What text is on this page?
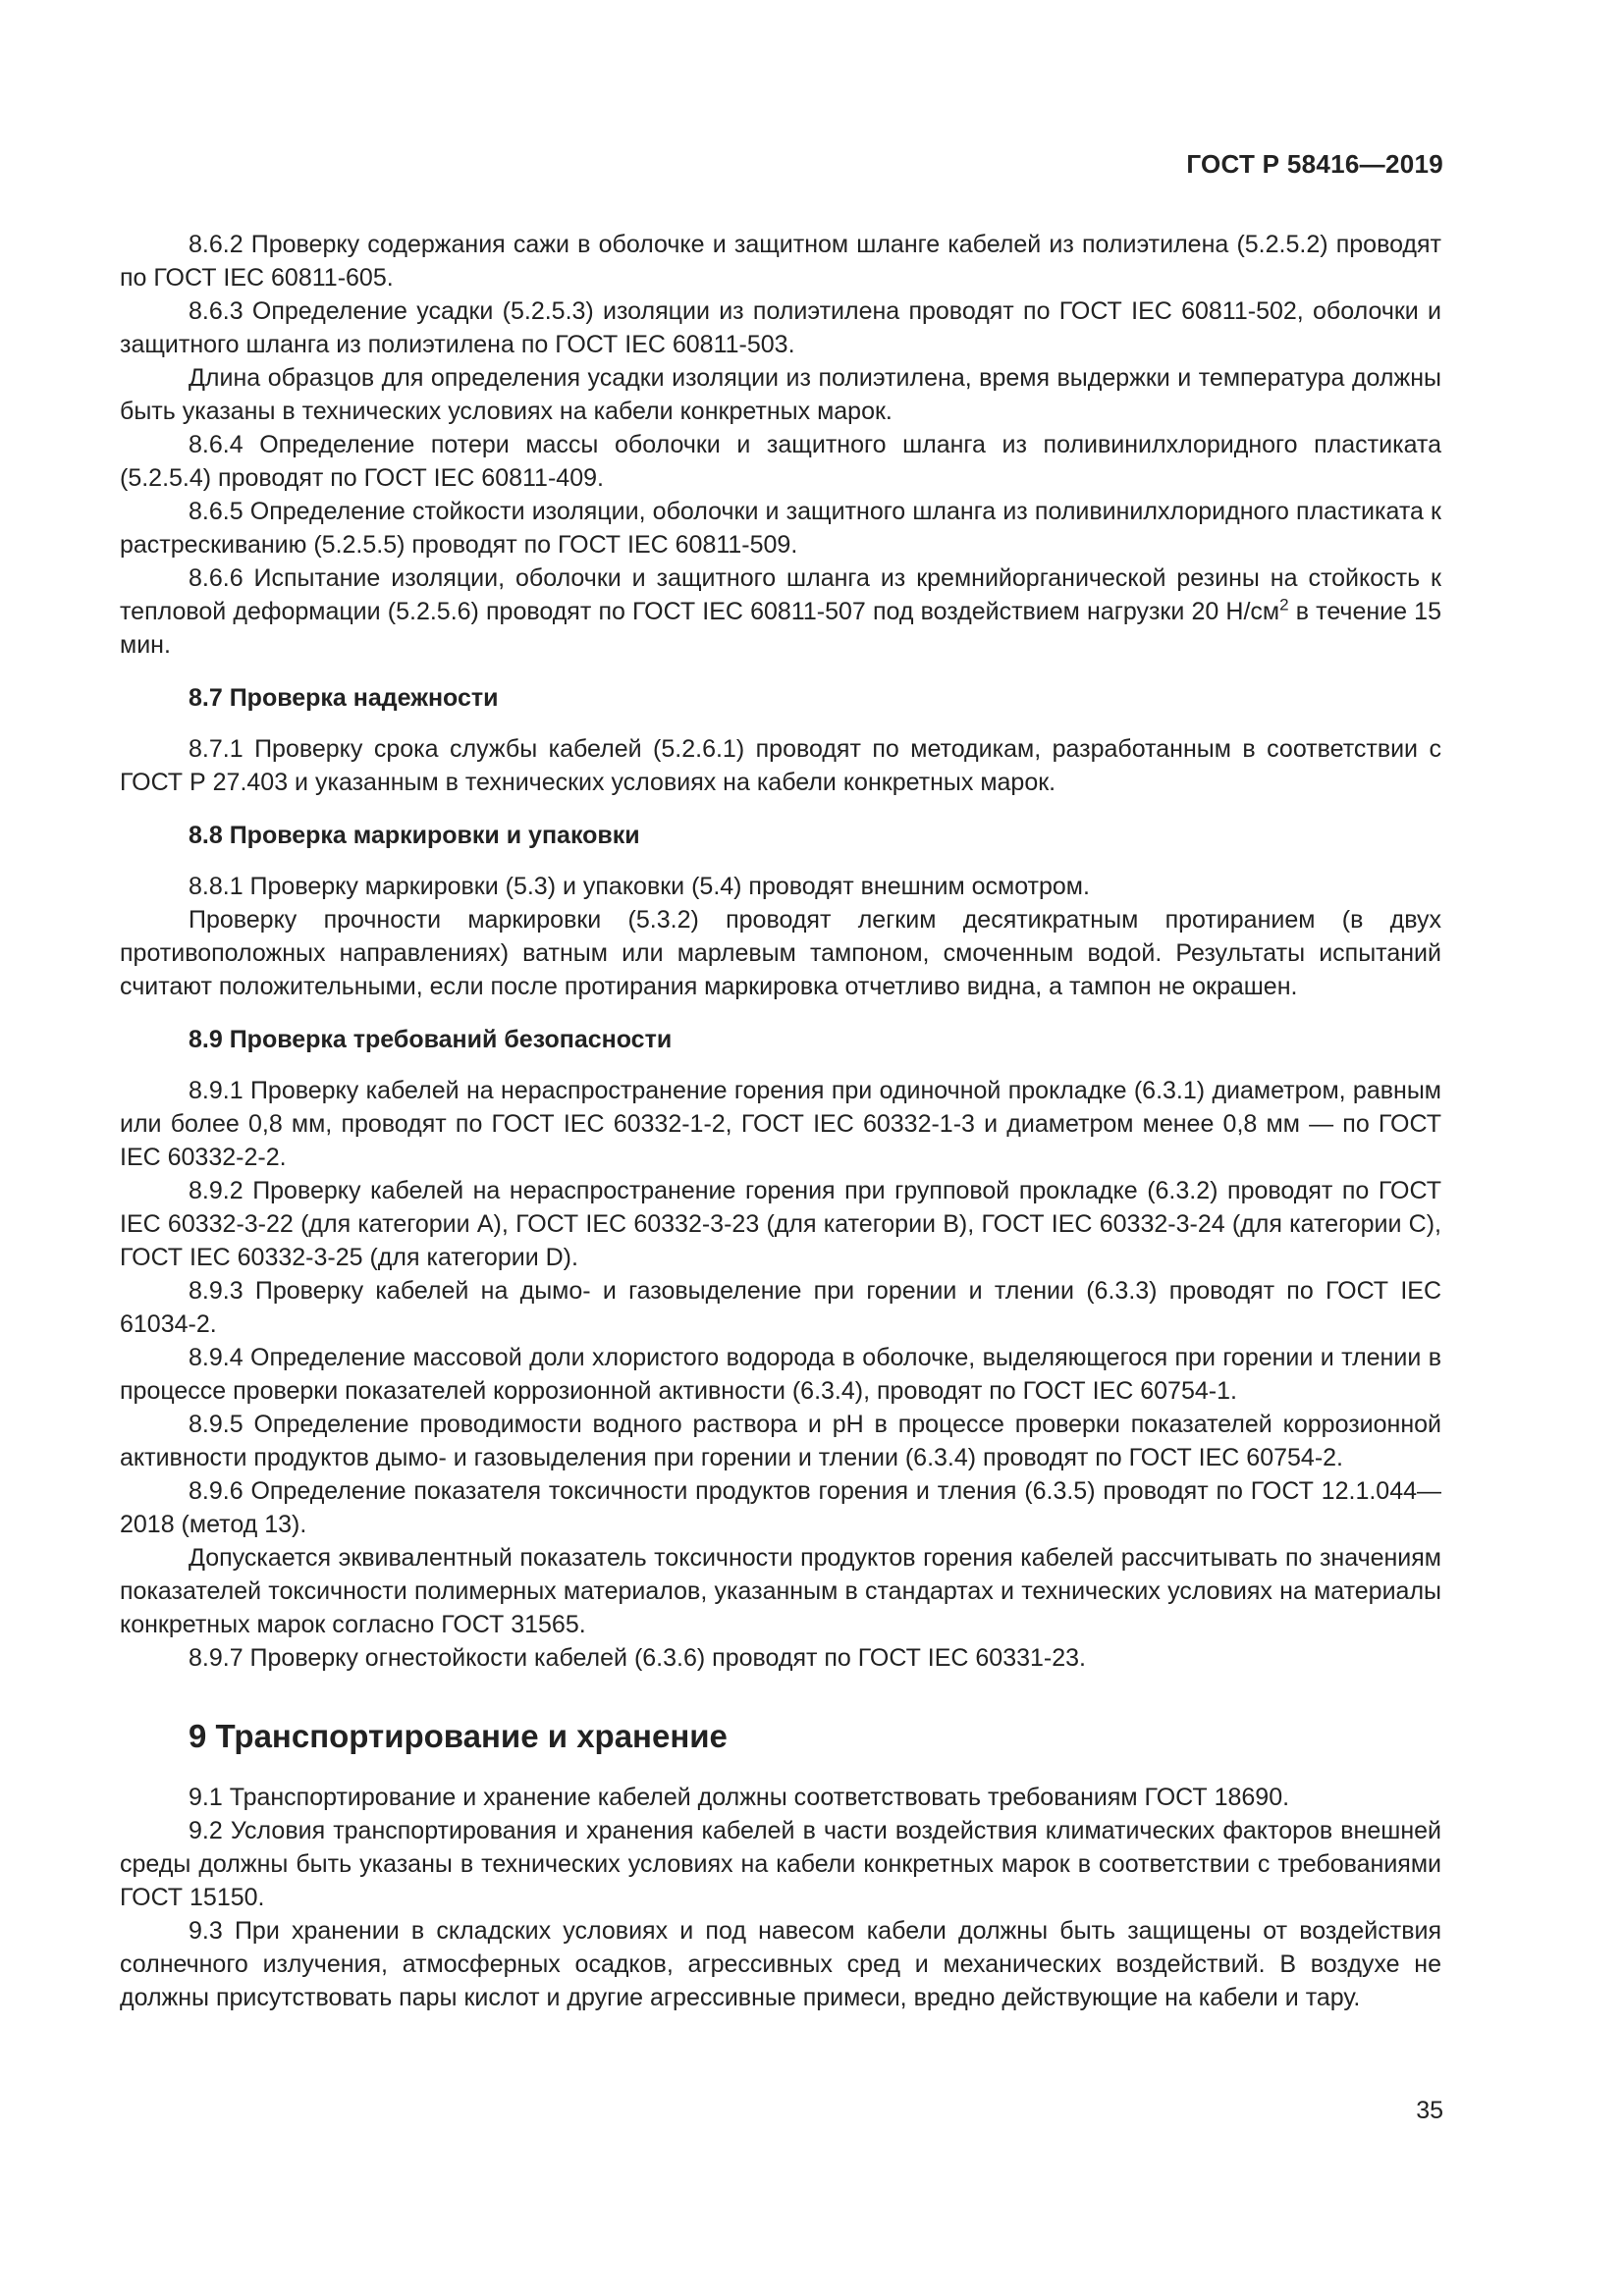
ГОСТ Р 58416—2019

8.6.2 Проверку содержания сажи в оболочке и защитном шланге кабелей из полиэтилена (5.2.5.2) проводят по ГОСТ IEC 60811-605.

8.6.3 Определение усадки (5.2.5.3) изоляции из полиэтилена проводят по ГОСТ IEC 60811-502, оболочки и защитного шланга из полиэтилена по ГОСТ IEC 60811-503.

Длина образцов для определения усадки изоляции из полиэтилена, время выдержки и температура должны быть указаны в технических условиях на кабели конкретных марок.

8.6.4 Определение потери массы оболочки и защитного шланга из поливинилхлоридного пластиката (5.2.5.4) проводят по ГОСТ IEC 60811-409.

8.6.5 Определение стойкости изоляции, оболочки и защитного шланга из поливинилхлоридного пластиката к растрескиванию (5.2.5.5) проводят по ГОСТ IEC 60811-509.

8.6.6 Испытание изоляции, оболочки и защитного шланга из кремнийорганической резины на стойкость к тепловой деформации (5.2.5.6) проводят по ГОСТ IEC 60811-507 под воздействием нагрузки 20 $Н/см^2$ в течение 15 мин.

8.7 Проверка надежности

8.7.1 Проверку срока службы кабелей (5.2.6.1) проводят по методикам, разработанным в соответствии с ГОСТ Р 27.403 и указанным в технических условиях на кабели конкретных марок.

8.8 Проверка маркировки и упаковки

8.8.1 Проверку маркировки (5.3) и упаковки (5.4) проводят внешним осмотром.

Проверку прочности маркировки (5.3.2) проводят легким десятикратным протиранием (в двух противоположных направлениях) ватным или марлевым тампоном, смоченным водой. Результаты испытаний считают положительными, если после протирания маркировка отчетливо видна, а тампон не окрашен.

8.9 Проверка требований безопасности

8.9.1 Проверку кабелей на нераспространение горения при одиночной прокладке (6.3.1) диаметром, равным или более 0,8 мм, проводят по ГОСТ IEC 60332-1-2, ГОСТ IEC 60332-1-3 и диаметром менее 0,8 мм — по ГОСТ IEC 60332-2-2.

8.9.2 Проверку кабелей на нераспространение горения при групповой прокладке (6.3.2) проводят по ГОСТ IEC 60332-3-22 (для категории А), ГОСТ IEC 60332-3-23 (для категории В), ГОСТ IEC 60332-3-24 (для категории С), ГОСТ IEC 60332-3-25 (для категории D).

8.9.3 Проверку кабелей на дымо- и газовыделение при горении и тлении (6.3.3) проводят по ГОСТ IEC 61034-2.

8.9.4 Определение массовой доли хлористого водорода в оболочке, выделяющегося при горении и тлении в процессе проверки показателей коррозионной активности (6.3.4), проводят по ГОСТ IEC 60754-1.

8.9.5 Определение проводимости водного раствора и pH в процессе проверки показателей коррозионной активности продуктов дымо- и газовыделения при горении и тлении (6.3.4) проводят по ГОСТ IEC 60754-2.

8.9.6 Определение показателя токсичности продуктов горения и тления (6.3.5) проводят по ГОСТ 12.1.044—2018 (метод 13).

Допускается эквивалентный показатель токсичности продуктов горения кабелей рассчитывать по значениям показателей токсичности полимерных материалов, указанным в стандартах и технических условиях на материалы конкретных марок согласно ГОСТ 31565.

8.9.7 Проверку огнестойкости кабелей (6.3.6) проводят по ГОСТ IEC 60331-23.

9 Транспортирование и хранение

9.1 Транспортирование и хранение кабелей должны соответствовать требованиям ГОСТ 18690.

9.2 Условия транспортирования и хранения кабелей в части воздействия климатических факторов внешней среды должны быть указаны в технических условиях на кабели конкретных марок в соответствии с требованиями ГОСТ 15150.

9.3 При хранении в складских условиях и под навесом кабели должны быть защищены от воздействия солнечного излучения, атмосферных осадков, агрессивных сред и механических воздействий. В воздухе не должны присутствовать пары кислот и другие агрессивные примеси, вредно действующие на кабели и тару.

35
